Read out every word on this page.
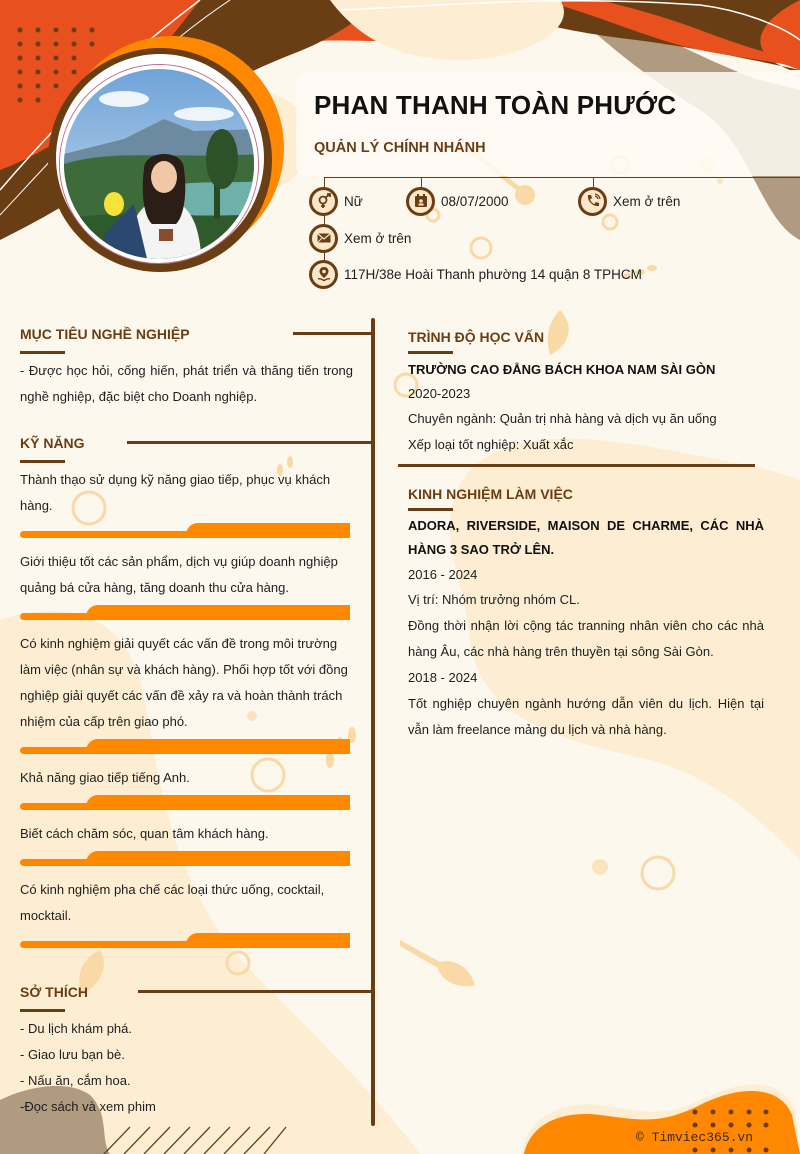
PHAN THANH TOÀN PHƯỚC
QUẢN LÝ CHÍNH NHÁNH
Nữ	08/07/2000	Xem ở trên
Xem ở trên
117H/38e Hoài Thanh phường 14 quận 8 TPHCM
MỤC TIÊU NGHỀ NGHIỆP
- Được học hỏi, cống hiến, phát triển và thăng tiến trong nghề nghiệp, đặc biệt cho Doanh nghiệp.
KỸ NĂNG
Thành thạo sử dụng kỹ năng giao tiếp, phục vụ khách hàng.
Giới thiệu tốt các sản phẩm, dịch vụ giúp doanh nghiệp quảng bá cửa hàng, tăng doanh thu cửa hàng.
Có kinh nghiệm giải quyết các vấn đề trong môi trường làm việc (nhân sự và khách hàng). Phối hợp tốt với đồng nghiệp giải quyết các vấn đề xảy ra và hoàn thành trách nhiệm của cấp trên giao phó.
Khả năng giao tiếp tiếng Anh.
Biết cách chăm sóc, quan tâm khách hàng.
Có kinh nghiệm pha chế các loại thức uống, cocktail, mocktail.
SỞ THÍCH
- Du lịch khám phá.
- Giao lưu bạn bè.
- Nấu ăn, cắm hoa.
-Đọc sách và xem phim
TRÌNH ĐỘ HỌC VẤN
TRƯỜNG CAO ĐẲNG BÁCH KHOA NAM SÀI GÒN
2020-2023
Chuyên ngành: Quản trị nhà hàng và dịch vụ ăn uống
Xếp loại tốt nghiệp: Xuất xắc
KINH NGHIỆM LÀM VIỆC
ADORA, RIVERSIDE, MAISON DE CHARME, CÁC NHÀ HÀNG 3 SAO TRỞ LÊN.
2016 - 2024
Vị trí: Nhóm trưởng nhóm CL.
Đồng thời nhận lời cộng tác tranning nhân viên cho các nhà hàng Âu, các nhà hàng trên thuyền tại sông Sài Gòn.
2018 - 2024
Tốt nghiệp chuyên ngành hướng dẫn viên du lịch. Hiện tại vẫn làm freelance mảng du lịch và nhà hàng.
© Timviec365.vn
